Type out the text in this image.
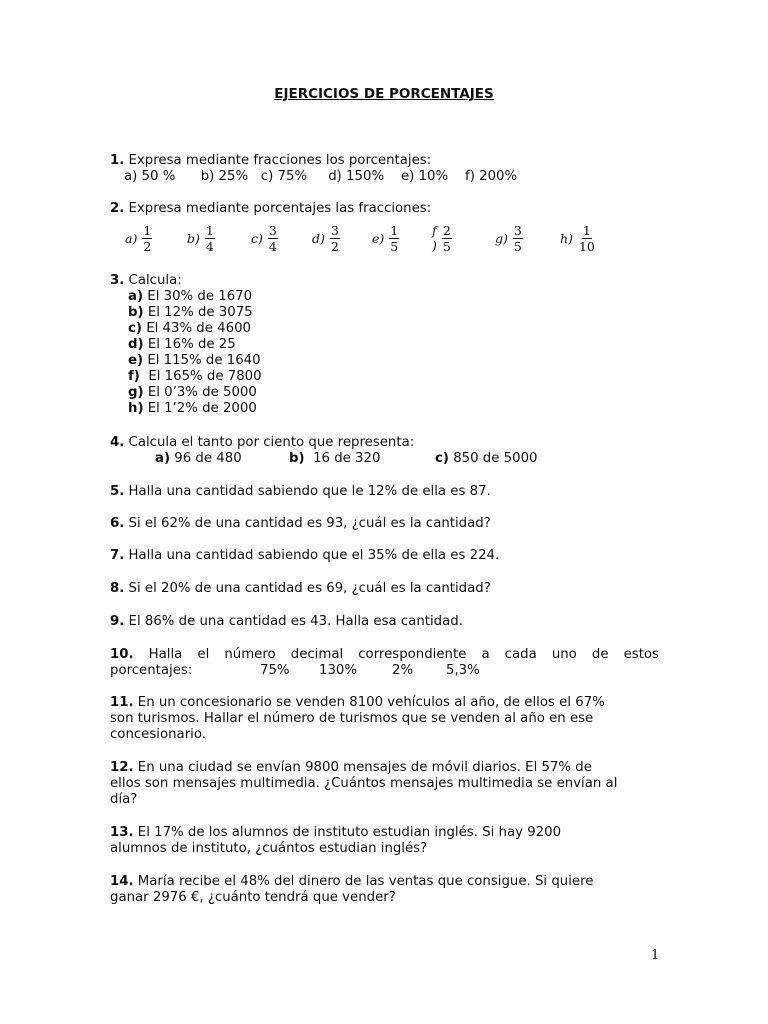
EJERCICIOS DE PORCENTAJES
1. Expresa mediante fracciones los porcentajes:
a) 50 %      b) 25%   c) 75%     d) 150%    e) 10%    f) 200%
2. Expresa mediante porcentajes las fracciones:
$a) \frac{1}{2}$	$b) \frac{1}{4}$	$c) \frac{3}{4}$	$d) \frac{3}{2}$	$e) \frac{1}{5}$	f ) $\frac{2}{5}$	$g) \frac{3}{5}$	$h) \frac{1}{10}$
3. Calcula:
a) El 30% de 1670
b) El 12% de 3075
c) El 43% de 4600
d) El 16% de 25
e) El 115% de 1640
f)  El 165% de 7800
g) El 0’3% de 5000
h) El 1’2% de 2000
4. Calcula el tanto por ciento que representa:
a) 96 de 480	b)  16 de 320	c) 850 de 5000
5. Halla una cantidad sabiendo que le 12% de ella es 87.
6. Si el 62% de una cantidad es 93, ¿cuál es la cantidad?
7. Halla una cantidad sabiendo que el 35% de ella es 224.
8. Si el 20% de una cantidad es 69, ¿cuál es la cantidad?
9. El 86% de una cantidad es 43. Halla esa cantidad.
10. Halla el número decimal correspondiente a cada uno de estos
porcentajes:	75%	130%	2%	5,3%
11. En un concesionario se venden 8100 vehículos al año, de ellos el 67%
son turismos. Hallar el número de turismos que se venden al año en ese
concesionario.
12. En una ciudad se envían 9800 mensajes de móvil diarios. El 57% de
ellos son mensajes multimedia. ¿Cuántos mensajes multimedia se envían al
día?
13. El 17% de los alumnos de instituto estudian inglés. Si hay 9200
alumnos de instituto, ¿cuántos estudian inglés?
14. María recibe el 48% del dinero de las ventas que consigue. Si quiere
ganar 2976 €, ¿cuánto tendrá que vender?
1
